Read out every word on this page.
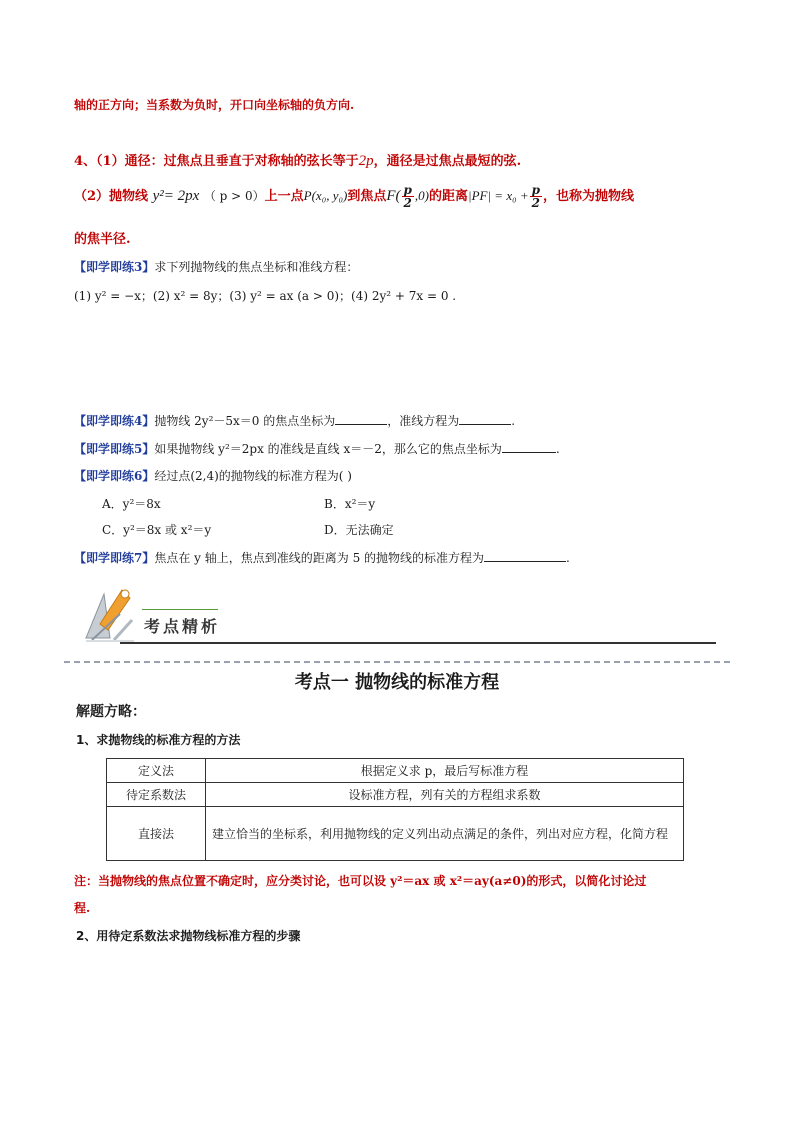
轴的正方向；当系数为负时，开口向坐标轴的负方向.
4、（1）通径：过焦点且垂直于对称轴的弦长等于2p，通径是过焦点最短的弦.
（2）抛物线 y²= 2px （ p > 0）上一点P(x₀, y₀)到焦点$F( \frac{p}{2} ,0)$的距离$|PF| = x_0 + \frac{p}{2}$ ，也称为抛物线
的焦半径.
【即学即练3】求下列抛物线的焦点坐标和准线方程：
(1) y² = −x；(2) x² = 8y；(3) y² = ax (a > 0)；(4) 2y² + 7x = 0 .
【即学即练4】抛物线 2y²－5x＝0 的焦点坐标为	，准线方程为	.
【即学即练5】如果抛物线 y²＝2px 的准线是直线 x＝－2，那么它的焦点坐标为	.
【即学即练6】经过点(2,4)的抛物线的标准方程为( )
A．y²＝8x	B．x²＝y
C．y²＝8x 或 x²＝y	D．无法确定
【即学即练7】焦点在 y 轴上，焦点到准线的距离为 5 的抛物线的标准方程为	.
考点精析
考点一 抛物线的标准方程
解题方略：
1、求抛物线的标准方程的方法
定义法	根据定义求 p，最后写标准方程
待定系数法	设标准方程，列有关的方程组求系数
直接法	建立恰当的坐标系，利用抛物线的定义列出动点满足的条件，列出对应方程，化简方程
注：当抛物线的焦点位置不确定时，应分类讨论，也可以设 y²＝ax 或 x²＝ay(a≠0)的形式，以简化讨论过
程.
2、用待定系数法求抛物线标准方程的步骤
